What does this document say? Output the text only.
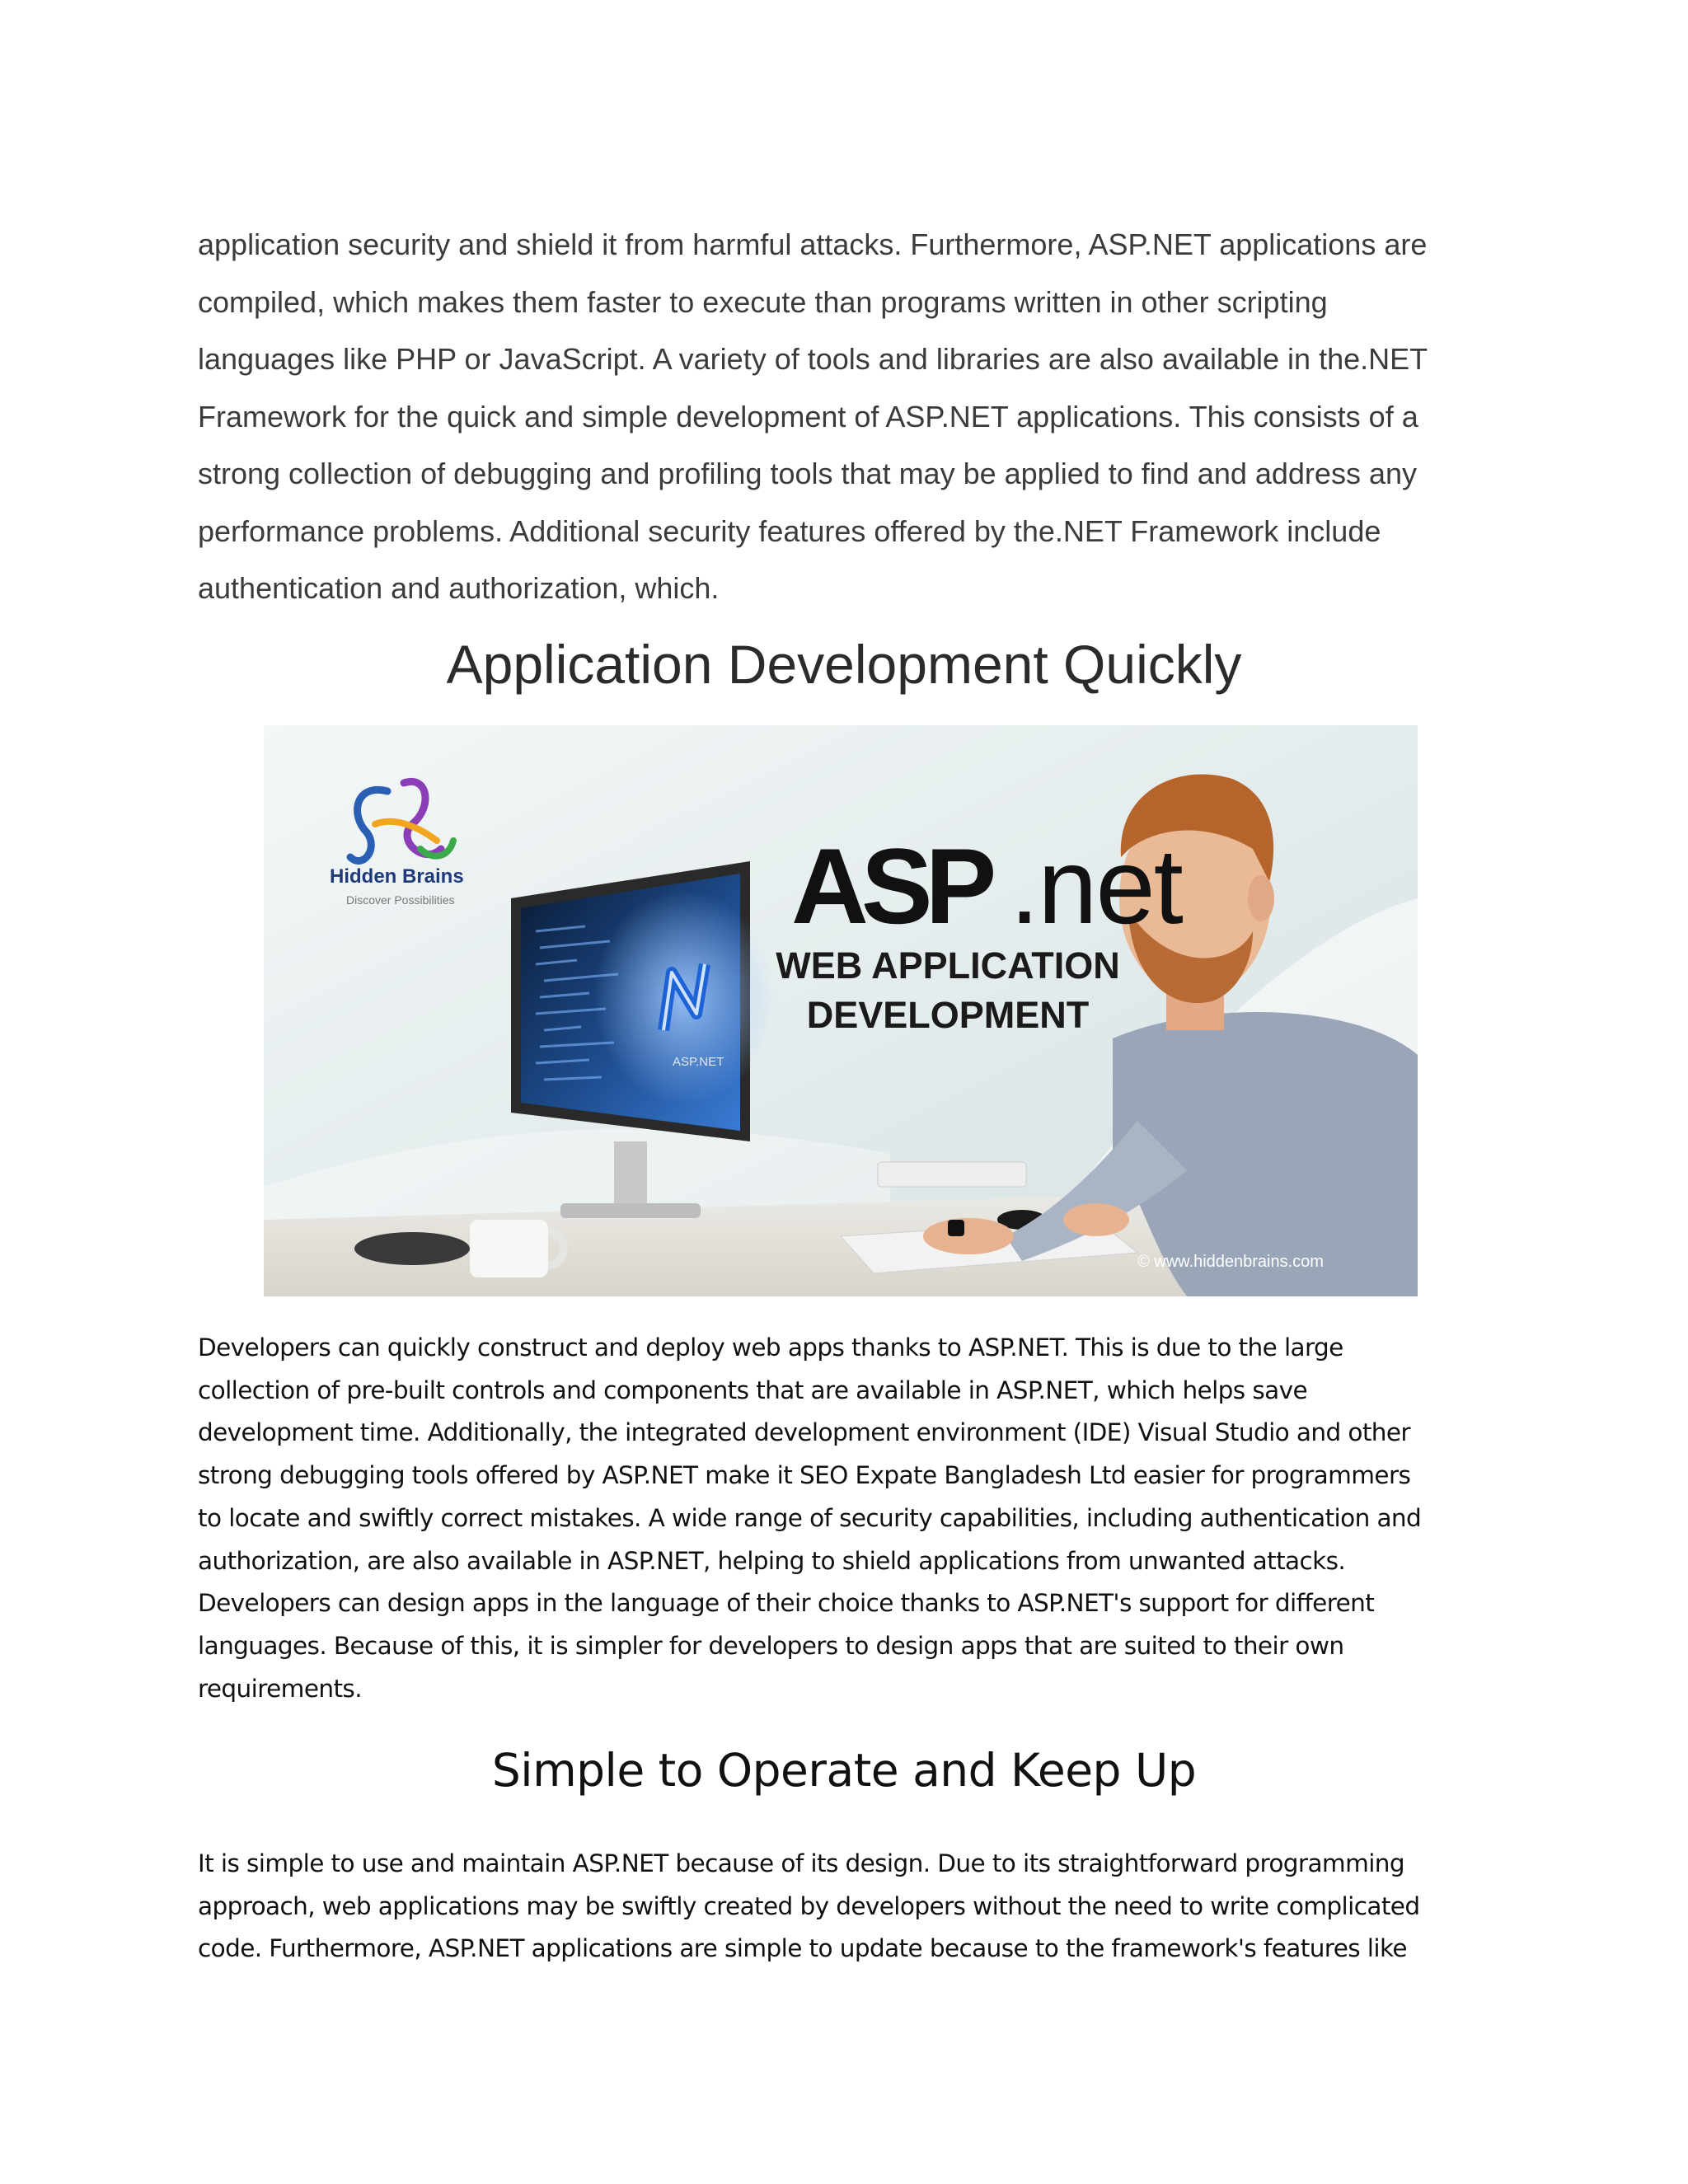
application security and shield it from harmful attacks. Furthermore, ASP.NET applications are
compiled, which makes them faster to execute than programs written in other scripting
languages like PHP or JavaScript. A variety of tools and libraries are also available in the.NET
Framework for the quick and simple development of ASP.NET applications. This consists of a
strong collection of debugging and profiling tools that may be applied to find and address any
performance problems. Additional security features offered by the.NET Framework include
authentication and authorization, which.

Application Development Quickly
Hidden Brains
Discover Possibilities	ASP .net
WEB APPLICATION
DEVELOPMENT
ASP.NET
© www.hiddenbrains.com

Developers can quickly construct and deploy web apps thanks to ASP.NET. This is due to the large
collection of pre-built controls and components that are available in ASP.NET, which helps save
development time. Additionally, the integrated development environment (IDE) Visual Studio and other
strong debugging tools offered by ASP.NET make it SEO Expate Bangladesh Ltd easier for programmers
to locate and swiftly correct mistakes. A wide range of security capabilities, including authentication and
authorization, are also available in ASP.NET, helping to shield applications from unwanted attacks.
Developers can design apps in the language of their choice thanks to ASP.NET's support for different
languages. Because of this, it is simpler for developers to design apps that are suited to their own
requirements.

Simple to Operate and Keep Up

It is simple to use and maintain ASP.NET because of its design. Due to its straightforward programming
approach, web applications may be swiftly created by developers without the need to write complicated
code. Furthermore, ASP.NET applications are simple to update because to the framework's features like
